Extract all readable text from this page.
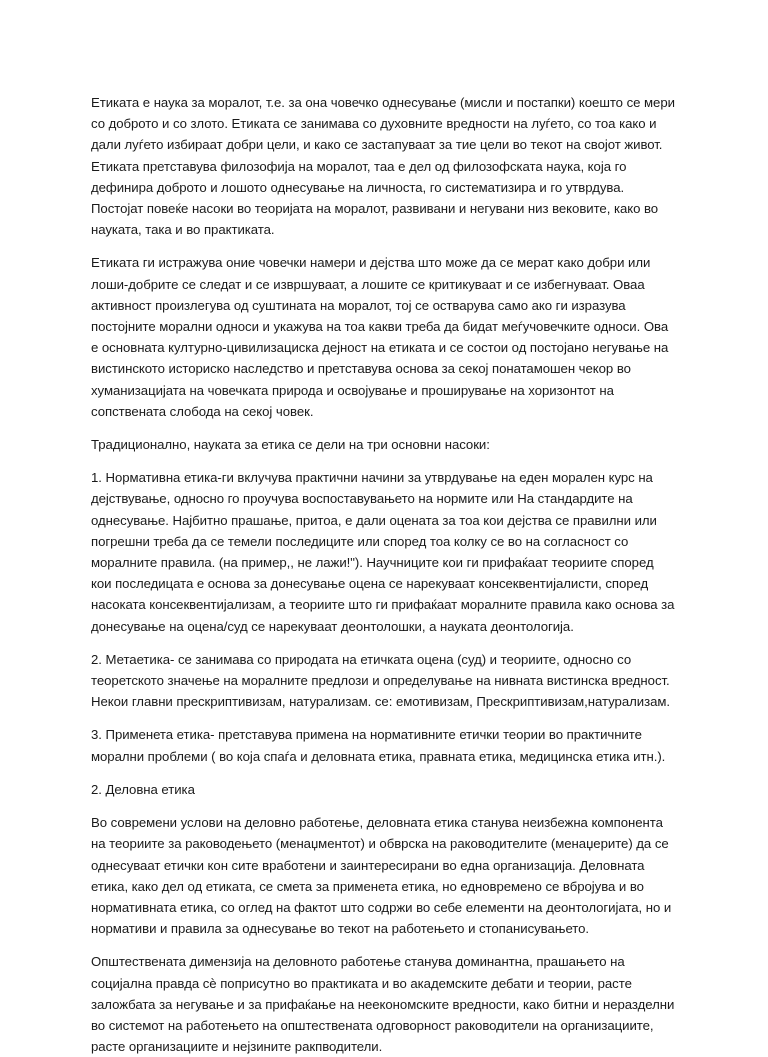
Етиката е наука за моралот, т.е. за она човечко однесување (мисли и постапки) коешто се мери со доброто и со злото. Етиката се занимава со духовните вредности на луѓето, со тоа како и дали луѓето избираат добри цели, и како се застапуваат за тие цели во текот на својот живот. Етиката претставува филозофија на моралот, таа е дел од филозофската наука, која го дефинира доброто и лошото однесување на личноста, го систематизира и го утврдува. Постојат повеќе насоки во теоријата на моралот, развивани и негувани низ вековите, како во науката, така и во практиката.

Етиката ги истражува оние човечки намери и дејства што може да се мерат како добри или лоши-добрите се следат и се извршуваат, а лошите се критикуваат и се избегнуваат. Оваа активност произлегува од суштината на моралот, тој се остварува само ако ги изразува постојните морални односи и укажува на тоа какви треба да бидат меѓучовечките односи. Ова е основната културно-цивилизациска дејност на етиката и се состои од постојано негување на вистинското историско наследство и претставува основа за секој понатамошен чекор во хуманизацијата на човечката природа и освојување и проширување на хоризонтот на сопствената слобода на секој човек.

Традиционално, науката за етика се дели на три основни насоки:

1. Нормативна етика-ги вклучува практични начини за утврдување на еден морален курс на дејствување, односно го проучува воспоставувањето на нормите или На стандардите на однесување. Најбитно прашање, притоа, е дали оцената за тоа кои дејства се правилни или погрешни треба да се темели последиците или според тоа колку се во на согласност со моралните правила. (на пример,, не лажи!"). Научниците кои ги прифаќаат теориите според кои последицата е основа за донесување оцена се нарекуваат консеквентијалисти, според насоката консеквентијализам, а теориите што ги прифаќаат моралните правила како основа за донесување на оцена/суд се нарекуваат деонтолошки, а науката деонтологија.

2. Метаетика- се занимава со природата на етичката оцена (суд) и теориите, односно со теоретското значење на моралните предлози и определување на нивната вистинска вредност. Некои главни прескриптивизам, натурализам. се: емотивизам, Прескриптивизам,натурализам.

3. Применета етика- претставува примена на нормативните етички теории во практичните морални проблеми ( во која спаѓа и деловната етика, правната етика, медицинска етика итн.).

2. Деловна етика

Во современи услови на деловно работење, деловната етика станува неизбежна компонента на теориите за раководењето (менаџментот) и обврска на раководителите (менаџерите) да се однесуваат етички кон сите вработени и заинтересирани во една организација. Деловната етика, како дел од етиката, се смета за применета етика, но едновремено се вбројува и во нормативната етика, со оглед на фактот што содржи во себе елементи на деонтологијата, но и нормативи и правила за однесување во текот на работењето и стопанисувањето.

Општествената димензија на деловното работење станува доминантна, прашањето на социјална правда сѐ поприсутно во практиката и во академските дебати и теории, расте заложбата за негување и за прифаќање на неекономските вредности, како битни и неразделни во системот на работењето на општествената одговорност раководители на организациите, расте организациите и нејзините ракпводители.
